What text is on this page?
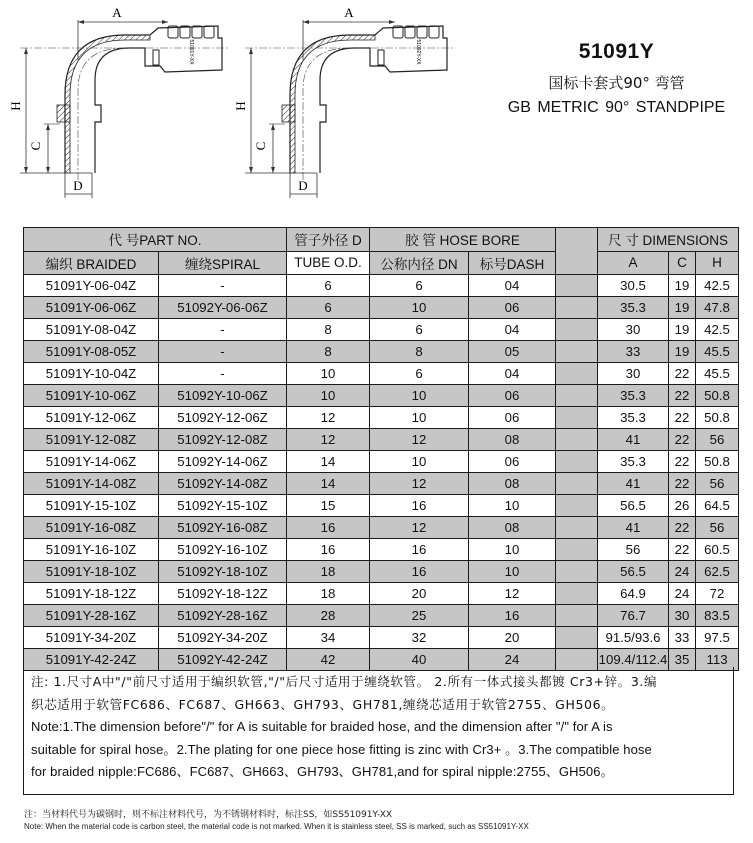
A
51091Y-XX
H
C
D
A
51092Y-XX
H
C
D
51091Y
国标卡套式90° 弯管
GB METRIC 90° STANDPIPE
代 号PART NO.		管子外径 D	胶 管 HOSE BORE			尺 寸 DIMENSIONS		
编织 BRAIDED	缠绕SPIRAL	TUBE O.D.	公称内径 DN	标号DASH		A	C	H
51091Y-06-04Z	-	6	6	04		30.5	19	42.5
51091Y-06-06Z	51092Y-06-06Z	6	10	06		35.3	19	47.8
51091Y-08-04Z	-	8	6	04		30	19	42.5
51091Y-08-05Z	-	8	8	05		33	19	45.5
51091Y-10-04Z	-	10	6	04		30	22	45.5
51091Y-10-06Z	51092Y-10-06Z	10	10	06		35.3	22	50.8
51091Y-12-06Z	51092Y-12-06Z	12	10	06		35.3	22	50.8
51091Y-12-08Z	51092Y-12-08Z	12	12	08		41	22	56
51091Y-14-06Z	51092Y-14-06Z	14	10	06		35.3	22	50.8
51091Y-14-08Z	51092Y-14-08Z	14	12	08		41	22	56
51091Y-15-10Z	51092Y-15-10Z	15	16	10		56.5	26	64.5
51091Y-16-08Z	51092Y-16-08Z	16	12	08		41	22	56
51091Y-16-10Z	51092Y-16-10Z	16	16	10		56	22	60.5
51091Y-18-10Z	51092Y-18-10Z	18	16	10		56.5	24	62.5
51091Y-18-12Z	51092Y-18-12Z	18	20	12		64.9	24	72
51091Y-28-16Z	51092Y-28-16Z	28	25	16		76.7	30	83.5
51091Y-34-20Z	51092Y-34-20Z	34	32	20		91.5/93.6	33	97.5
51091Y-42-24Z	51092Y-42-24Z	42	40	24		109.4/112.4	35	113
注: 1.尺寸A中"/"前尺寸适用于编织软管,"/"后尺寸适用于缠绕软管。 2.所有一体式接头都镀 Cr3+锌。3.编
织芯适用于软管FC686、FC687、GH663、GH793、GH781,缠绕芯适用于软管2755、GH506。
Note:1.The dimension before"/" for A is suitable for braided hose, and the dimension after "/" for A is
suitable for spiral hose。2.The plating for one piece hose fitting is zinc with Cr3+ 。3.The compatible hose
for braided nipple:FC686、FC687、GH663、GH793、GH781,and for spiral nipple:2755、GH506。
注：当材料代号为碳钢时，则不标注材料代号，为不锈钢材料时，标注SS，如SS51091Y-XX
Note: When the material code is carbon steel, the material code is not marked. When it is stainless steel, SS is marked, such as SS51091Y-XX
